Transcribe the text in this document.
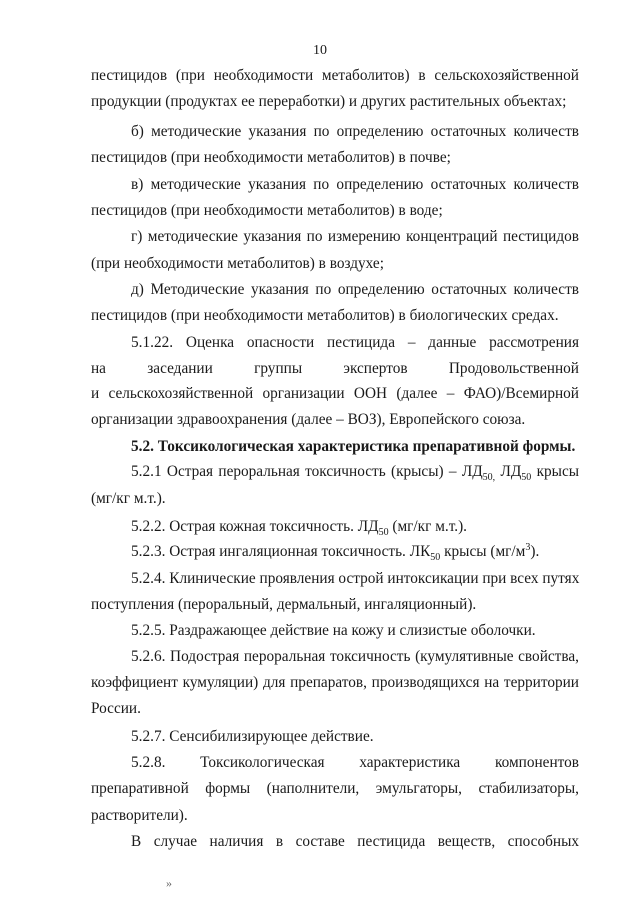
10
пестицидов (при необходимости метаболитов) в сельскохозяйственной
продукции (продуктах ее переработки) и других растительных объектах;
б) методические указания по определению остаточных количеств
пестицидов (при необходимости метаболитов) в почве;
в) методические указания по определению остаточных количеств
пестицидов (при необходимости метаболитов) в воде;
г) методические указания по измерению концентраций пестицидов
(при необходимости метаболитов) в воздухе;
д) Методические указания по определению остаточных количеств
пестицидов (при необходимости метаболитов) в биологических средах.
5.1.22. Оценка опасности пестицида – данные рассмотрения
на заседании группы экспертов Продовольственной
и сельскохозяйственной организации ООН (далее – ФАО)/Всемирной
организации здравоохранения (далее – ВОЗ), Европейского союза.
5.2. Токсикологическая характеристика препаративной формы.
5.2.1 Острая пероральная токсичность (крысы) – $ЛД_{50,}$ $ЛД_{50}$ крысы
(мг/кг м.т.).
5.2.2. Острая кожная токсичность. $ЛД_{50}$ (мг/кг м.т.).
5.2.3. Острая ингаляционная токсичность. $ЛК_{50}$ крысы $(мг/м^3)$.
5.2.4. Клинические проявления острой интоксикации при всех путях
поступления (пероральный, дермальный, ингаляционный).
5.2.5. Раздражающее действие на кожу и слизистые оболочки.
5.2.6. Подострая пероральная токсичность (кумулятивные свойства,
коэффициент кумуляции) для препаратов, производящихся на территории
России.
5.2.7. Сенсибилизирующее действие.
5.2.8. Токсикологическая характеристика компонентов
препаративной формы (наполнители, эмульгаторы, стабилизаторы,
растворители).
В случае наличия в составе пестицида веществ, способных
»
